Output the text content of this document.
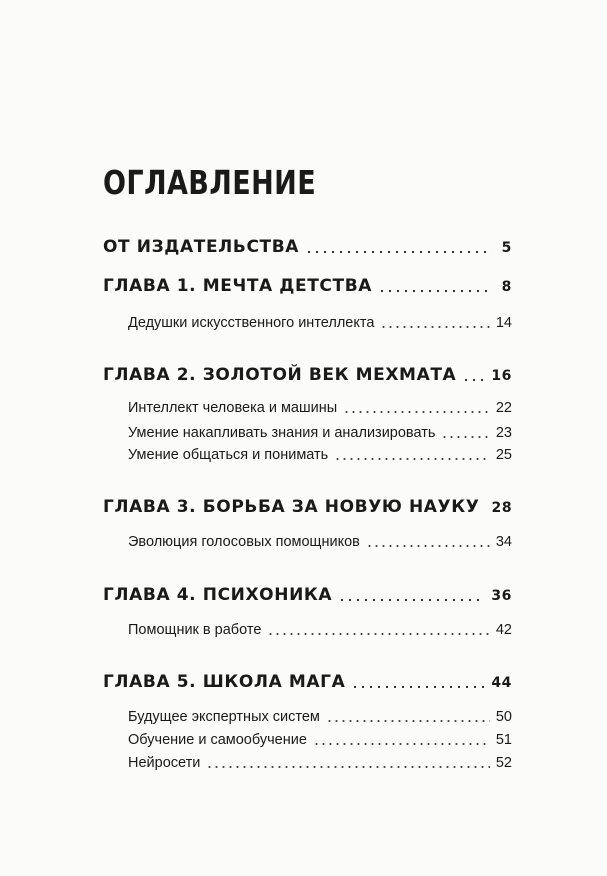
ОГЛАВЛЕНИЕ
ОТ ИЗДАТЕЛЬСТВА	5
ГЛАВА 1. МЕЧТА ДЕТСТВА	8
Дедушки искусственного интеллекта	14
ГЛАВА 2. ЗОЛОТОЙ ВЕК МЕХМАТА	16
Интеллект человека и машины	22
Умение накапливать знания и анализировать	23
Умение общаться и понимать	25
ГЛАВА 3. БОРЬБА ЗА НОВУЮ НАУКУ 28
Эволюция голосовых помощников	34
ГЛАВА 4. ПСИХОНИКА	36
Помощник в работе	42
ГЛАВА 5. ШКОЛА МАГА	44
Будущее экспертных систем	50
Обучение и самообучение	51
Нейросети	52
